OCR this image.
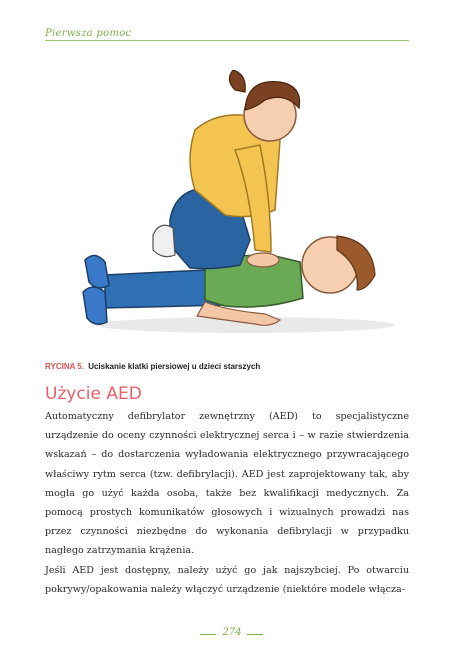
Pierwsza pomoc
RYCINA 5. Uciskanie klatki piersiowej u dzieci starszych
Użycie AED

Automatyczny defibrylator zewnętrzny (AED) to specjalistyczne urządzenie do oceny czynności elektrycznej serca i – w razie stwierdzenia wskazań – do dostarczenia wyładowania elektrycznego przywracającego właściwy rytm serca (tzw. defibrylacji). AED jest zaprojektowany tak, aby mogła go użyć każda osoba, także bez kwalifikacji medycznych. Za pomocą prostych komunikatów głosowych i wizualnych prowadzi nas przez czynności niezbędne do wykonania defibrylacji w przypadku nagłego zatrzymania krążenia.

Jeśli AED jest dostępny, należy użyć go jak najszybciej. Po otwarciu pokrywy/opakowania należy włączyć urządzenie (niektóre modele włącza-

274
